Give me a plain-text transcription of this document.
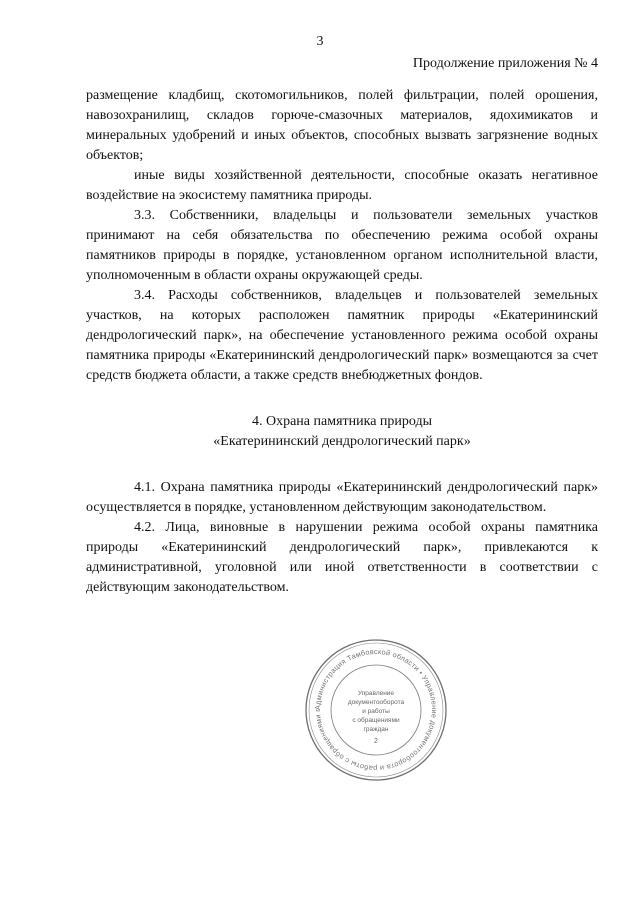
3
Продолжение приложения № 4

размещение кладбищ, скотомогильников, полей фильтрации, полей орошения, навозохранилищ, складов горюче-смазочных материалов, ядохимикатов и минеральных удобрений и иных объектов, способных вызвать загрязнение водных объектов;

иные виды хозяйственной деятельности, способные оказать негативное воздействие на экосистему памятника природы.

3.3. Собственники, владельцы и пользователи земельных участков принимают на себя обязательства по обеспечению режима особой охраны памятников природы в порядке, установленном органом исполнительной власти, уполномоченным в области охраны окружающей среды.

3.4. Расходы собственников, владельцев и пользователей земельных участков, на которых расположен памятник природы «Екатерининский дендрологический парк», на обеспечение установленного режима особой охраны памятника природы «Екатерининский дендрологический парк» возмещаются за счет средств бюджета области, а также средств внебюджетных фондов.

4. Охрана памятника природы
«Екатерининский дендрологический парк»

4.1. Охрана памятника природы «Екатерининский дендрологический парк» осуществляется в порядке, установленном действующим законодательством.

4.2. Лица, виновные в нарушении режима особой охраны памятника природы «Екатерининский дендрологический парк», привлекаются к административной, уголовной или иной ответственности в соответствии с действующим законодательством.

Администрация Тамбовской области • Управление документооборота и работы с обращениями г
Управление
документооборота
и работы
с обращениями
граждан
2
